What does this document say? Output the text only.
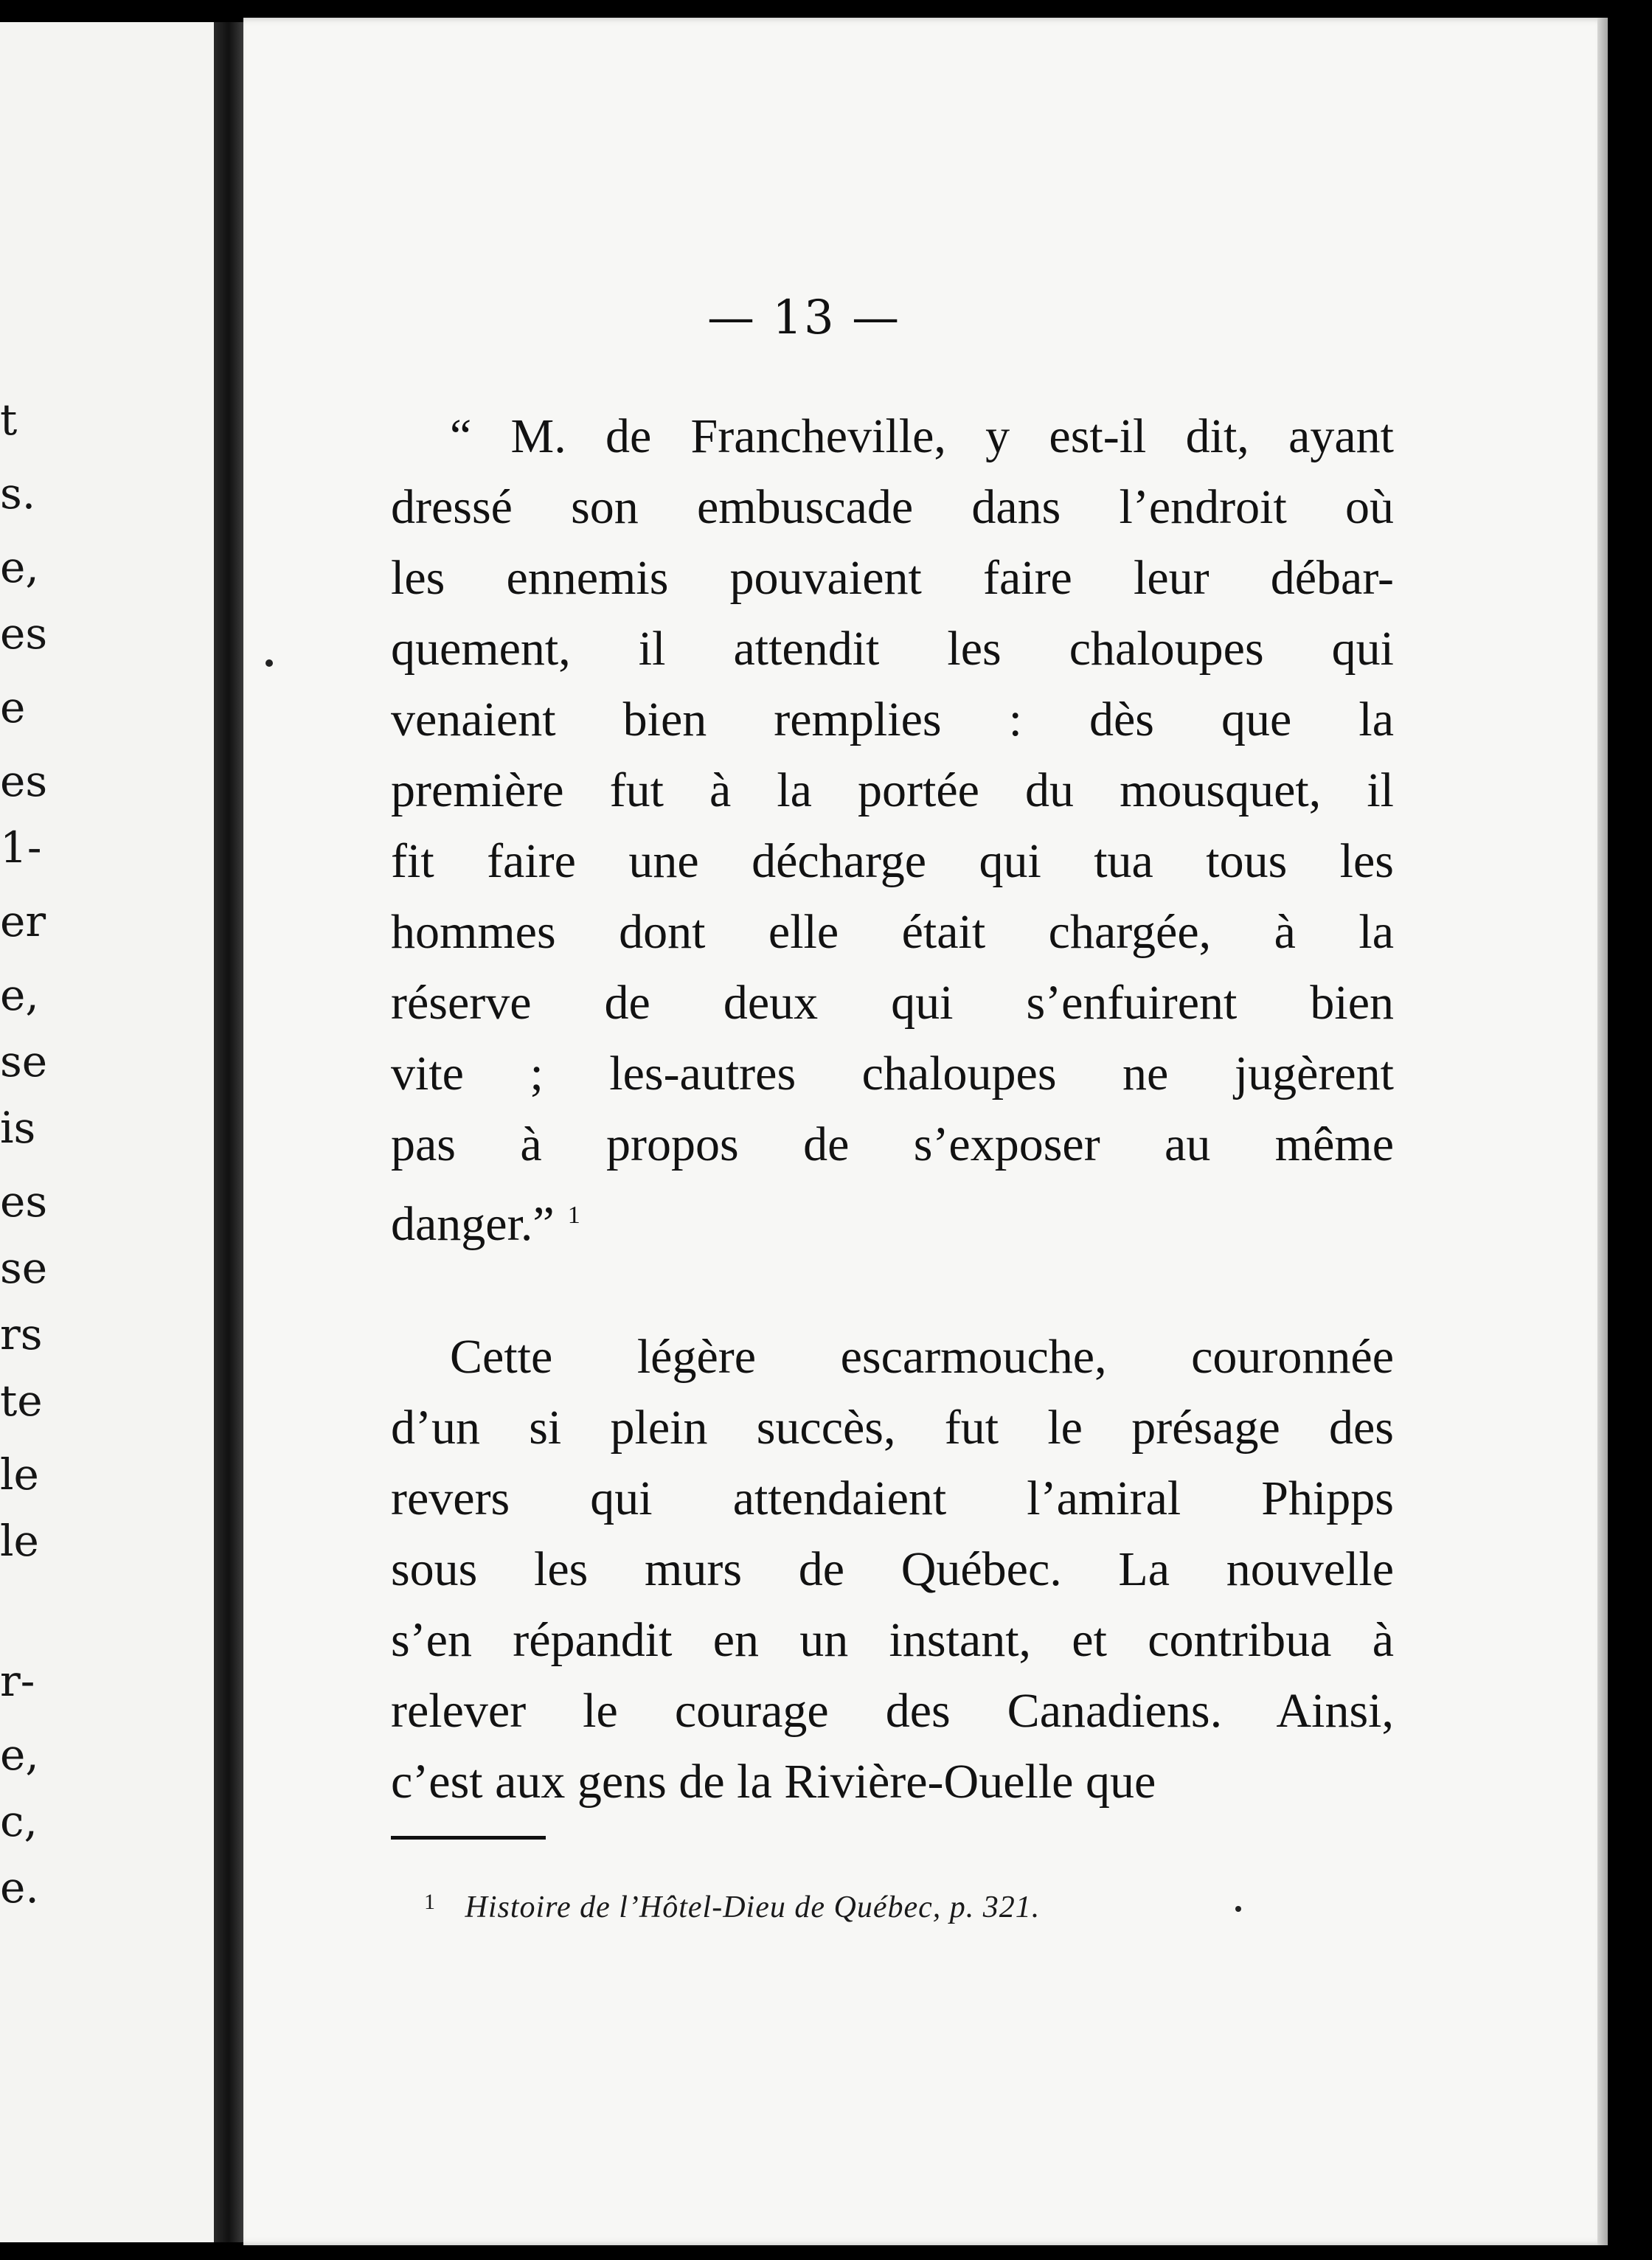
t
s.
e,
es
e
es
1-
er
e,
se
is
es
se
rs
te
le
le
r-
e,
c,
e.
— 13 —
“ M. de Francheville, y est-il dit, ayant
dressé son embuscade dans l’endroit où
les ennemis pouvaient faire leur débar-
quement, il attendit les chaloupes qui
venaient bien remplies : dès que la
première fut à la portée du mousquet, il
fit faire une décharge qui tua tous les
hommes dont elle était chargée, à la
réserve de deux qui s’enfuirent bien
vite ; les-autres chaloupes ne jugèrent
pas à propos de s’exposer au même
danger.” $^1$
Cette légère escarmouche, couronnée
d’un si plein succès, fut le présage des
revers qui attendaient l’amiral Phipps
sous les murs de Québec. La nouvelle
s’en répandit en un instant, et contribua à
relever le courage des Canadiens. Ainsi,
c’est aux gens de la Rivière-Ouelle que
$^1$ Histoire de l’Hôtel-Dieu de Québec, p. 321.
